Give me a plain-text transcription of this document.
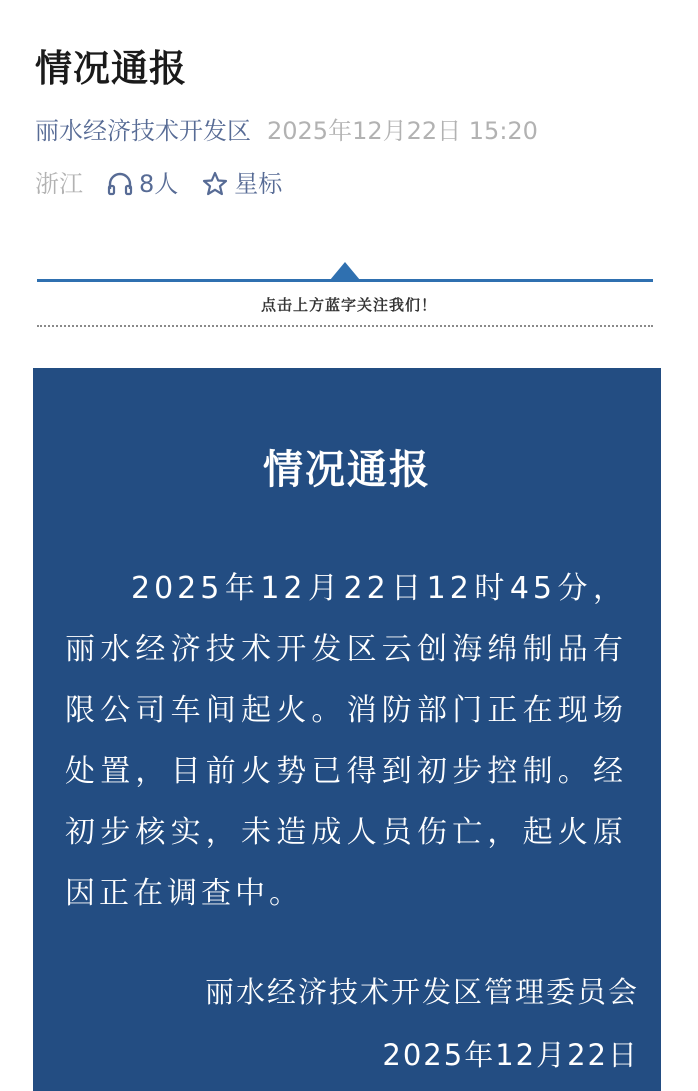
情况通报
丽水经济技术开发区 2025年12月22日 15:20
浙江 8人 星标
点击上方蓝字关注我们！
情况通报
2025年12月22日12时45分，丽水经济技术开发区云创海绵制品有限公司车间起火。消防部门正在现场处置，目前火势已得到初步控制。经初步核实，未造成人员伤亡，起火原因正在调查中。
丽水经济技术开发区管理委员会
2025年12月22日
